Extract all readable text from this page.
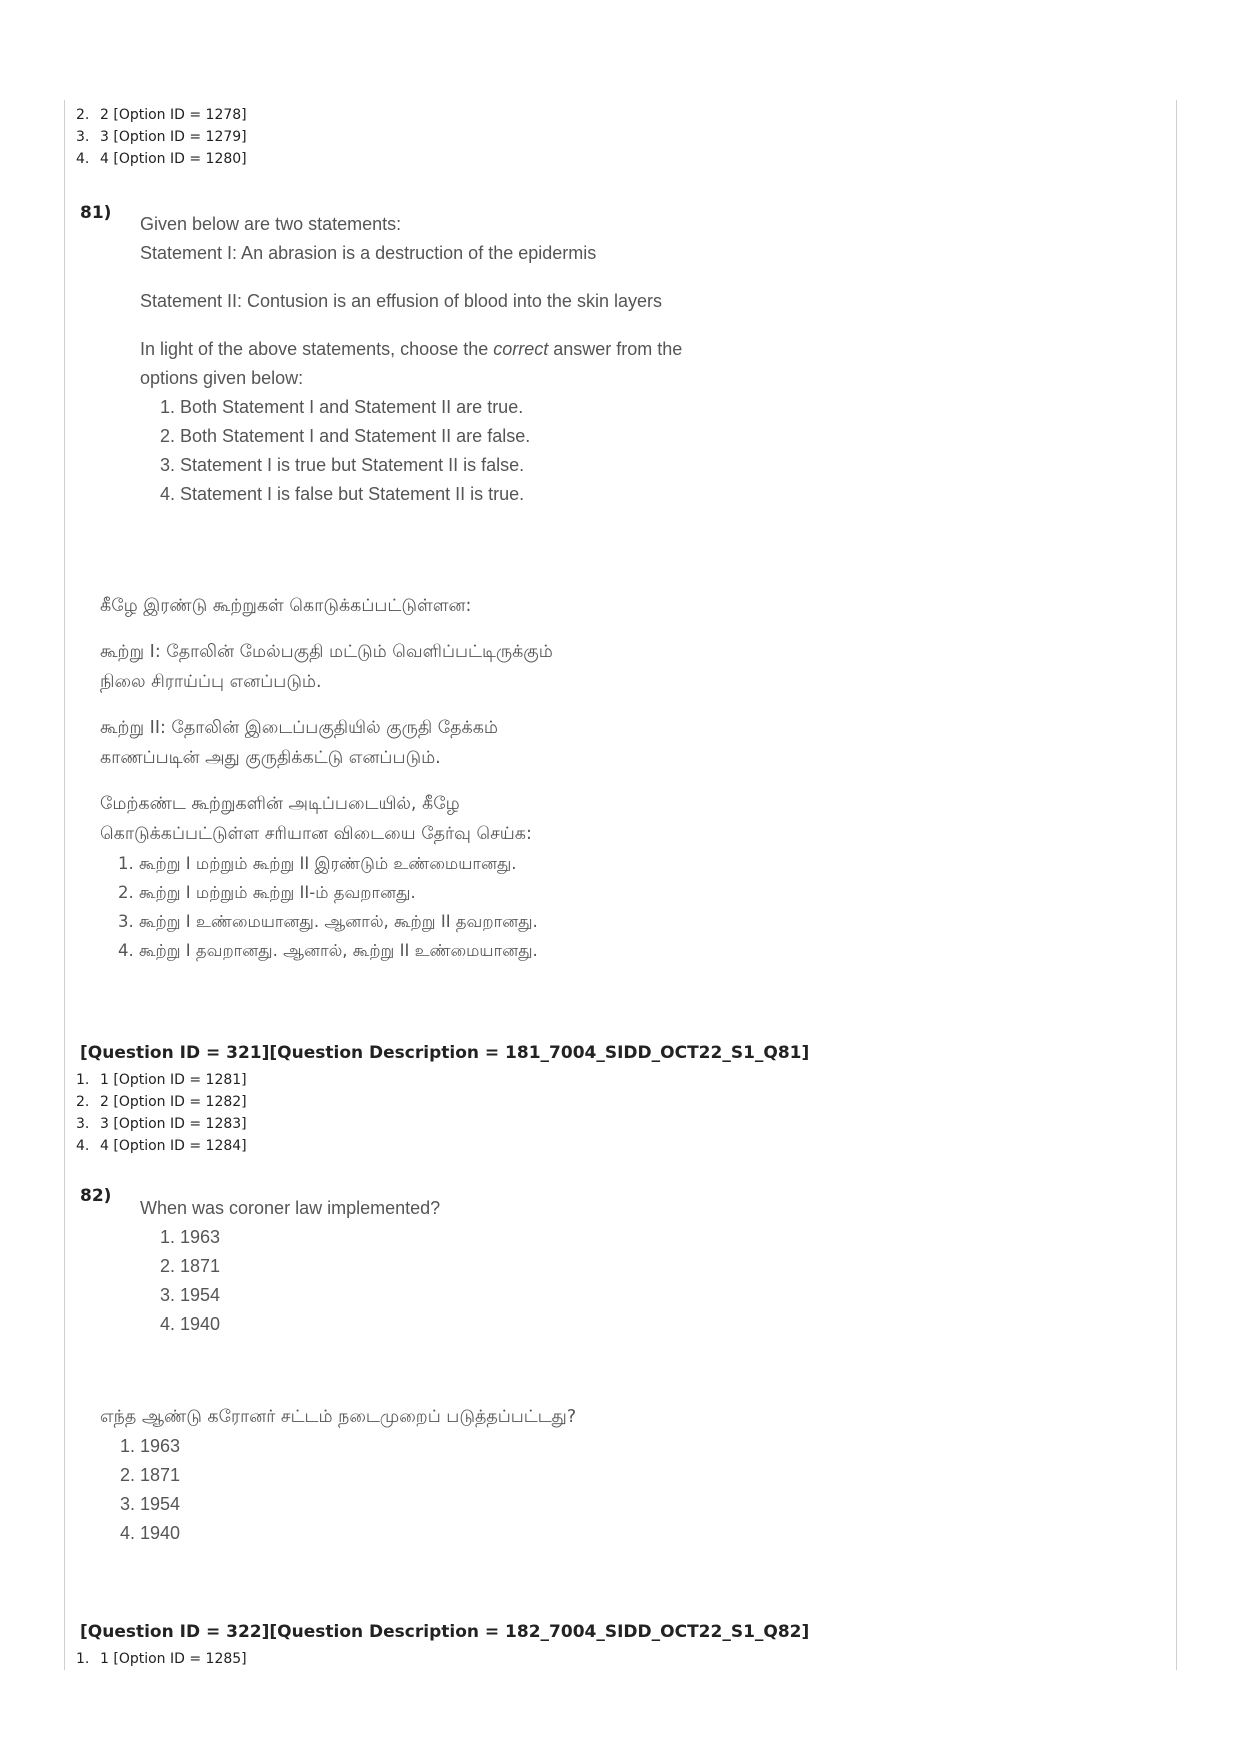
2. 2 [Option ID = 1278]
3. 3 [Option ID = 1279]
4. 4 [Option ID = 1280]
81)

Given below are two statements:

Statement I: An abrasion is a destruction of the epidermis

Statement II: Contusion is an effusion of blood into the skin layers

In light of the above statements, choose the correct answer from the

options given below:

1. Both Statement I and Statement II are true.
2. Both Statement I and Statement II are false.
3. Statement I is true but Statement II is false.
4. Statement I is false but Statement II is true.

கீழே இரண்டு கூற்றுகள் கொடுக்கப்பட்டுள்ளன:

கூற்று I: தோலின் மேல்பகுதி மட்டும் வெளிப்பட்டிருக்கும்

நிலை சிராய்ப்பு எனப்படும்.

கூற்று II: தோலின் இடைப்பகுதியில் குருதி தேக்கம்

காணப்படின் அது குருதிக்கட்டு எனப்படும்.

மேற்கண்ட கூற்றுகளின் அடிப்படையில், கீழே

கொடுக்கப்பட்டுள்ள சரியான விடையை தேர்வு செய்க:

1. கூற்று I மற்றும் கூற்று II இரண்டும் உண்மையானது.
2. கூற்று I மற்றும் கூற்று II-ம் தவறானது.
3. கூற்று I உண்மையானது. ஆனால், கூற்று II தவறானது.
4. கூற்று I தவறானது. ஆனால், கூற்று II உண்மையானது.
[Question ID = 321][Question Description = 181_7004_SIDD_OCT22_S1_Q81]
1. 1 [Option ID = 1281]
2. 2 [Option ID = 1282]
3. 3 [Option ID = 1283]
4. 4 [Option ID = 1284]
82)

When was coroner law implemented?

1. 1963
2. 1871
3. 1954
4. 1940

எந்த ஆண்டு கரோனர் சட்டம் நடைமுறைப் படுத்தப்பட்டது?

1. 1963
2. 1871
3. 1954
4. 1940
[Question ID = 322][Question Description = 182_7004_SIDD_OCT22_S1_Q82]
1. 1 [Option ID = 1285]
